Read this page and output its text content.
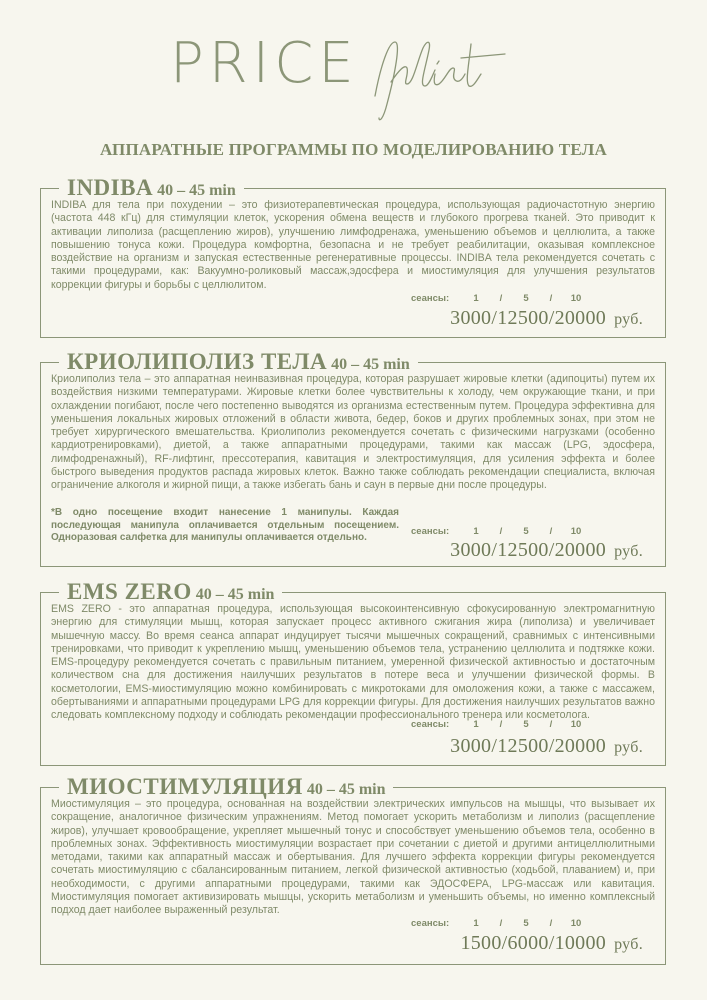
PRICE
АППАРАТНЫЕ ПРОГРАММЫ ПО МОДЕЛИРОВАНИЮ ТЕЛА
INDIBA 40 – 45 min

INDIBA для тела при похудении – это физиотерапевтическая процедура, использующая радиочастотную энергию (частота 448 кГц) для стимуляции клеток, ускорения обмена веществ и глубокого прогрева тканей. Это приводит к активации липолиза (расщеплению жиров), улучшению лимфодренажа, уменьшению объемов и целлюлита, а также повышению тонуса кожи. Процедура комфортна, безопасна и не требует реабилитации, оказывая комплексное воздействие на организм и запуская естественные регенеративные процессы. INDIBA тела рекомендуется сочетать с такими процедурами, как: Вакуумно-роликовый массаж,эдосфера и миостимуляция для улучшения результатов коррекции фигуры и борьбы с целлюлитом.

сеансы:	1 / 5 / 10
3000/12500/20000 руб.
КРИОЛИПОЛИЗ ТЕЛА 40 – 45 min

Криолиполиз тела – это аппаратная неинвазивная процедура, которая разрушает жировые клетки (адипоциты) путем их воздействия низкими температурами. Жировые клетки более чувствительны к холоду, чем окружающие ткани, и при охлаждении погибают, после чего постепенно выводятся из организма естественным путем. Процедура эффективна для уменьшения локальных жировых отложений в области живота, бедер, боков и других проблемных зонах, при этом не требует хирургического вмешательства. Криолиполиз рекомендуется сочетать с физическими нагрузками (особенно кардиотренировками), диетой, а также аппаратными процедурами, такими как массаж (LPG, эдосфера, лимфодренажный), RF-лифтинг, прессотерапия, кавитация и электростимуляция, для усиления эффекта и более быстрого выведения продуктов распада жировых клеток. Важно также соблюдать рекомендации специалиста, включая ограничение алкоголя и жирной пищи, а также избегать бань и саун в первые дни после процедуры.

*В одно посещение входит нанесение 1 манипулы. Каждая последующая манипула оплачивается отдельным посещением. Одноразовая салфетка для манипулы оплачивается отдельно.

сеансы:	1 / 5 / 10
3000/12500/20000 руб.
EMS ZERO 40 – 45 min

EMS ZERO - это аппаратная процедура, использующая высокоинтенсивную сфокусированную электромагнитную энергию для стимуляции мышц, которая запускает процесс активного сжигания жира (липолиза) и увеличивает мышечную массу. Во время сеанса аппарат индуцирует тысячи мышечных сокращений, сравнимых с интенсивными тренировками, что приводит к укреплению мышц, уменьшению объемов тела, устранению целлюлита и подтяжке кожи. EMS-процедуру рекомендуется сочетать с правильным питанием, умеренной физической активностью и достаточным количеством сна для достижения наилучших результатов в потере веса и улучшении физической формы. В косметологии, EMS-миостимуляцию можно комбинировать с микротоками для омоложения кожи, а также с массажем, обертываниями и аппаратными процедурами LPG для коррекции фигуры. Для достижения наилучших результатов важно следовать комплексному подходу и соблюдать рекомендации профессионального тренера или косметолога.

сеансы:	1 / 5 / 10
3000/12500/20000 руб.
МИОСТИМУЛЯЦИЯ 40 – 45 min

Миостимуляция – это процедура, основанная на воздействии электрических импульсов на мышцы, что вызывает их сокращение, аналогичное физическим упражнениям. Метод помогает ускорить метаболизм и липолиз (расщепление жиров), улучшает кровообращение, укрепляет мышечный тонус и способствует уменьшению объемов тела, особенно в проблемных зонах. Эффективность миостимуляции возрастает при сочетании с диетой и другими антицеллюлитными методами, такими как аппаратный массаж и обертывания. Для лучшего эффекта коррекции фигуры рекомендуется сочетать миостимуляцию с сбалансированным питанием, легкой физической активностью (ходьбой, плаванием) и, при необходимости, с другими аппаратными процедурами, такими как ЭДОСФЕРА, LPG-массаж или кавитация. Миостимуляция помогает активизировать мышцы, ускорить метаболизм и уменьшить объемы, но именно комплексный подход дает наиболее выраженный результат.

сеансы:	1 / 5 / 10
1500/6000/10000 руб.
